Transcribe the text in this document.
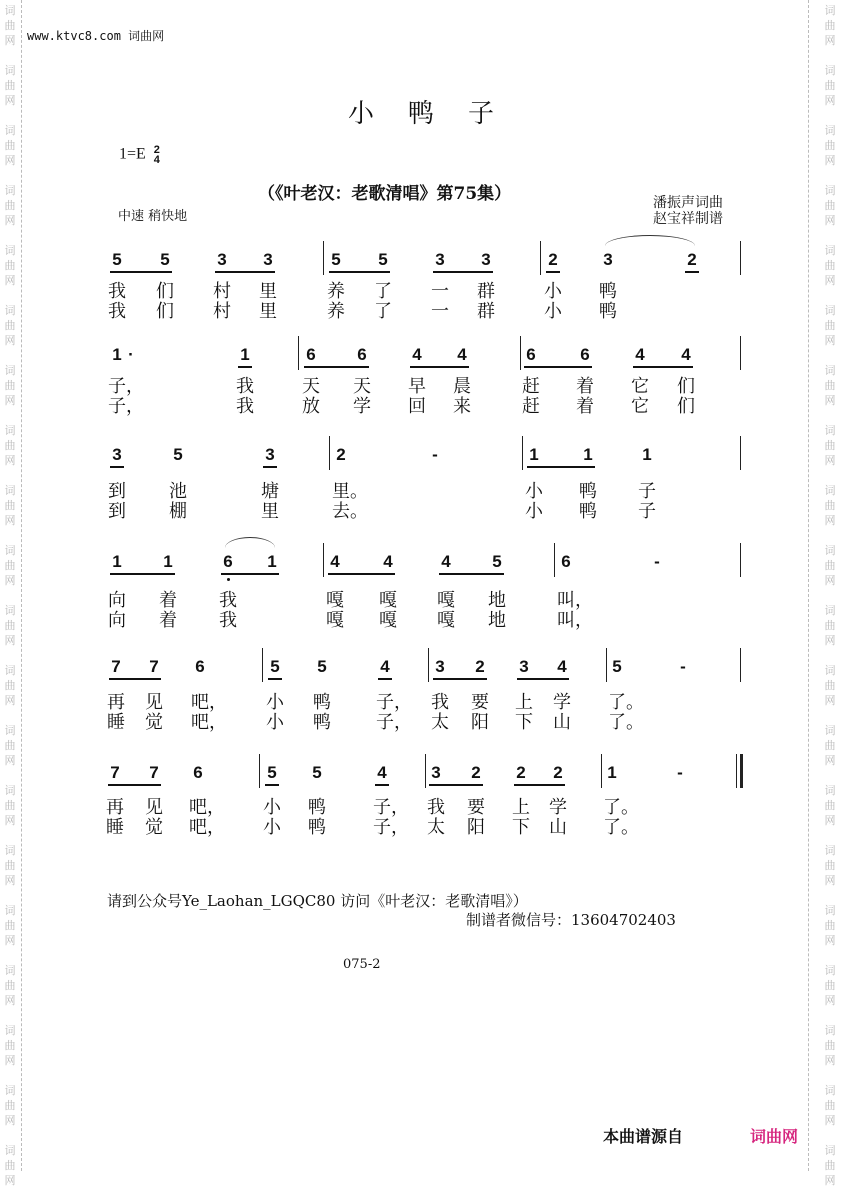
词
曲
网
词
曲
网
词
曲
网
词
曲
网
词
曲
网
词
曲
网
词
曲
网
词
曲
网
词
曲
网
词
曲
网
词
曲
网
词
曲
网
词
曲
网
词
曲
网
词
曲
网
词
曲
网
词
曲
网
词
曲
网
词
曲
网
词
曲
网
词
曲
网
词
曲
网
词
曲
网
词
曲
网
词
曲
网
词
曲
网
词
曲
网
词
曲
网
词
曲
网
词
曲
网
词
曲
网
词
曲
网
词
曲
网
词
曲
网
词
曲
网
词
曲
网
词
曲
网
词
曲
网
词
曲
网
词
曲
网
www.ktvc8.com 词曲网
小鸭子
1=E 2
4
（《叶老汉：老歌清唱》第75集）
中速 稍快地
潘振声词曲
赵宝祥制谱
5 5	3 3	5 5	3 3	2	3	2
我 们 村 里	养 了 一 群	小 鸭
我 们 村 里	养 了 一 群	小 鸭
1 ·	1	6 6	4 4	6	6	4 4
子，	我	天 天 早 晨	赶 着 它 们
子，	我	放 学 回 来	赶 着 它 们
3	5	3	2	-	1	1	1
到 池	塘	里。	小 鸭 子
到 棚	里	去。	小 鸭 子
1 1	6 1	4	4	4 5	6	-
向 着 我	嘎 嘎 嘎 地	叫，
向 着 我	嘎 嘎 嘎 地	叫，
7 7 6	5 5	4	3 2 3 4	5	-
再 见 吧， 小 鸭	子， 我 要 上 学 了。
睡 觉 吧， 小 鸭	子， 太 阳 下 山 了。
7 7 6	5 5	4	3 2 2 2	1	-
再 见 吧， 小 鸭	子， 我 要 上 学 了。
睡 觉 吧， 小 鸭	子， 太 阳 下 山 了。
请到公众号Ye_Laohan_LGQC80 访问《叶老汉：老歌清唱》）
制谱者微信号：13604702403
075-2
本曲谱源自	词曲网
